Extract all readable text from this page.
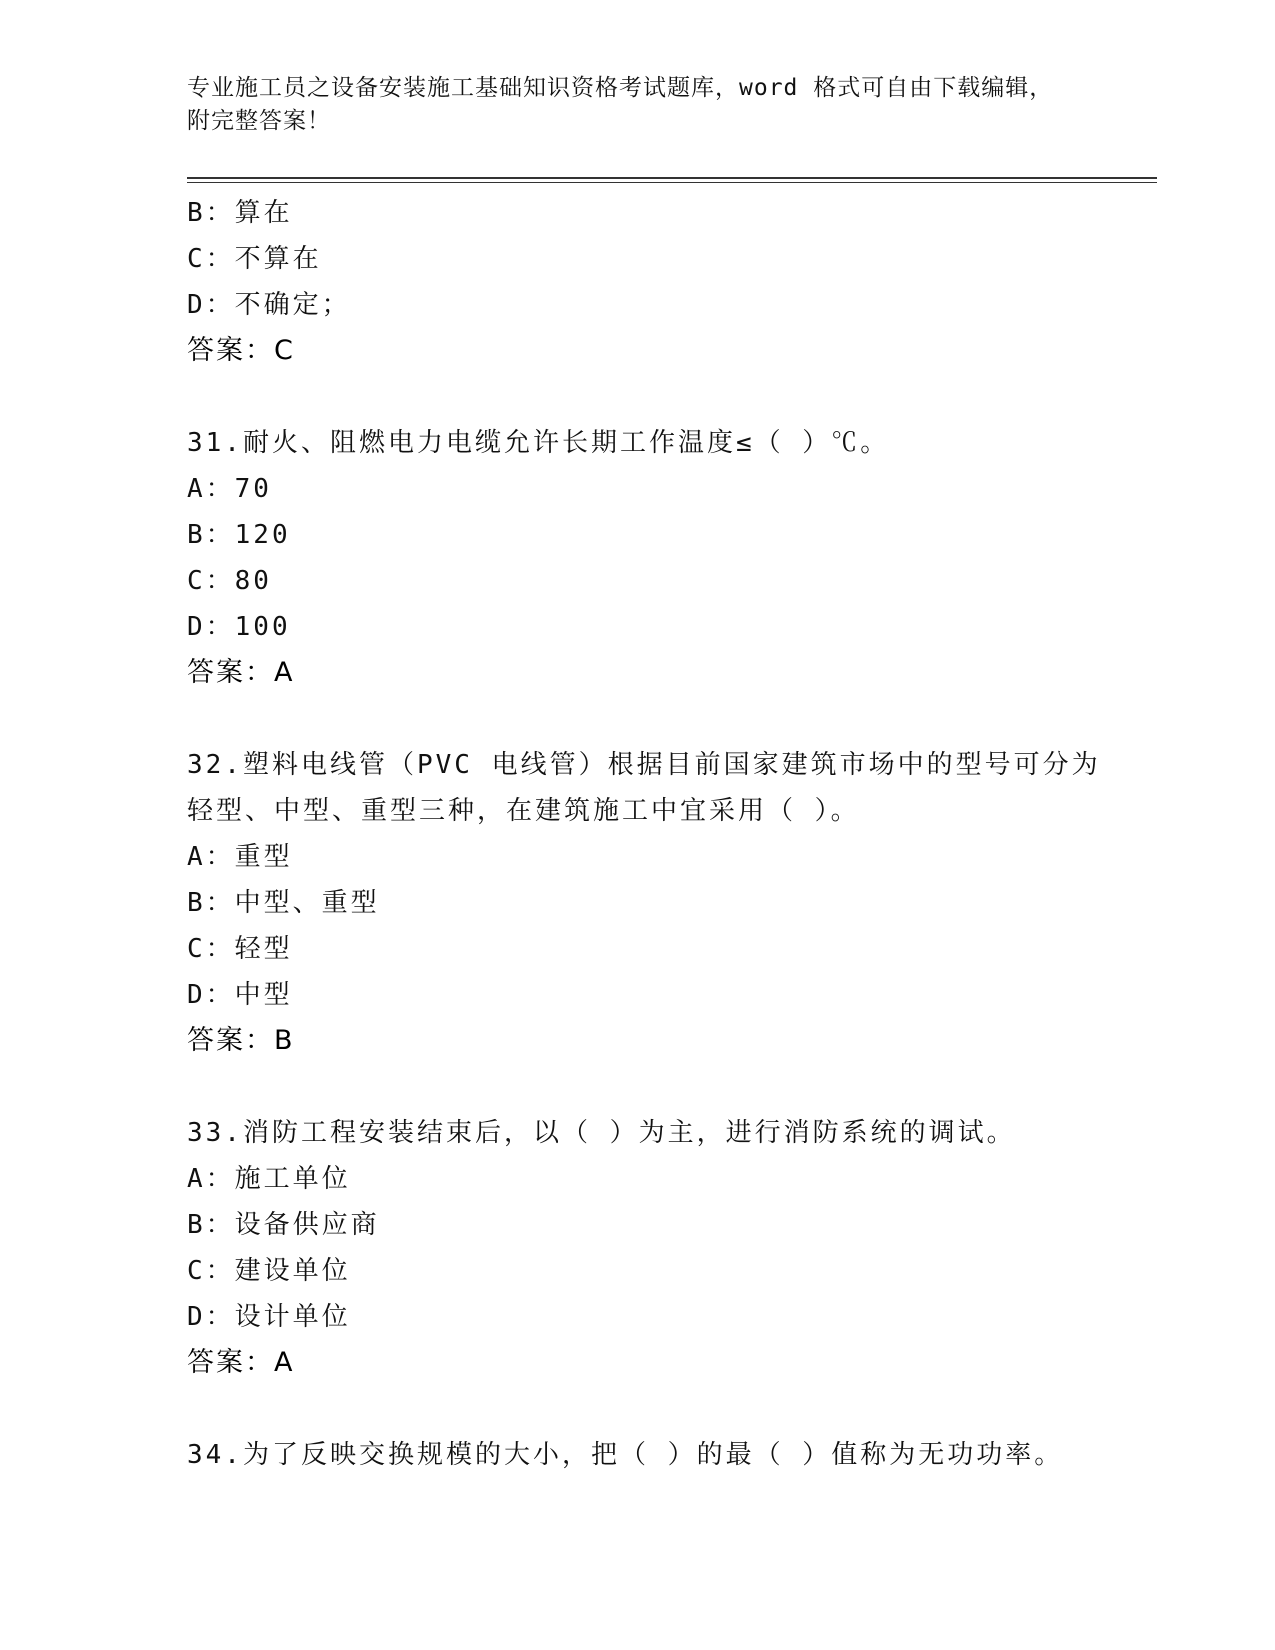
专业施工员之设备安装施工基础知识资格考试题库，word 格式可自由下载编辑，
附完整答案！
B：算在
C：不算在
D：不确定；
答案：C
31.耐火、阻燃电力电缆允许长期工作温度≤（ ）℃。
A：70
B：120
C：80
D：100
答案：A
32.塑料电线管（PVC 电线管）根据目前国家建筑市场中的型号可分为
轻型、中型、重型三种，在建筑施工中宜采用（ ）。
A：重型
B：中型、重型
C：轻型
D：中型
答案：B
33.消防工程安装结束后，以（ ）为主，进行消防系统的调试。
A：施工单位
B：设备供应商
C：建设单位
D：设计单位
答案：A
34.为了反映交换规模的大小，把（ ）的最（ ）值称为无功功率。
